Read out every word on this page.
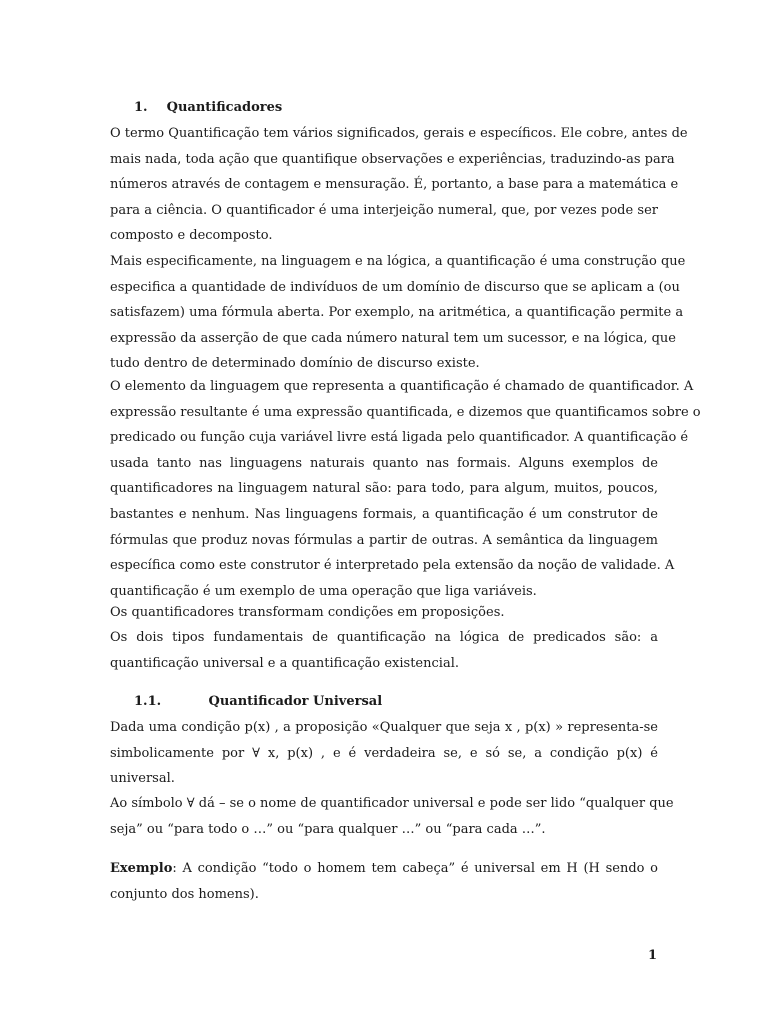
1. Quantificadores
O termo Quantificação tem vários significados, gerais e específicos. Ele cobre, antes de
mais nada, toda ação que quantifique observações e experiências, traduzindo-as para
números através de contagem e mensuração. É, portanto, a base para a matemática e
para a ciência. O quantificador é uma interjeição numeral, que, por vezes pode ser
composto e decomposto.
Mais especificamente, na linguagem e na lógica, a quantificação é uma construção que
especifica a quantidade de indivíduos de um domínio de discurso que se aplicam a (ou
satisfazem) uma fórmula aberta. Por exemplo, na aritmética, a quantificação permite a
expressão da asserção de que cada número natural tem um sucessor, e na lógica, que
tudo dentro de determinado domínio de discurso existe.
O elemento da linguagem que representa a quantificação é chamado de quantificador. A
expressão resultante é uma expressão quantificada, e dizemos que quantificamos sobre o
predicado ou função cuja variável livre está ligada pelo quantificador. A quantificação é
usada tanto nas linguagens naturais quanto nas formais. Alguns exemplos de
quantificadores na linguagem natural são: para todo, para algum, muitos, poucos,
bastantes e nenhum. Nas linguagens formais, a quantificação é um construtor de
fórmulas que produz novas fórmulas a partir de outras. A semântica da linguagem
específica como este construtor é interpretado pela extensão da noção de validade. A
quantificação é um exemplo de uma operação que liga variáveis.
Os quantificadores transformam condições em proposições.
Os dois tipos fundamentais de quantificação na lógica de predicados são: a
quantificação universal e a quantificação existencial.
1.1.	Quantificador Universal
Dada uma condição p(x) , a proposição «Qualquer que seja x , p(x) » representa-se
simbolicamente por ∀ x, p(x) , e é verdadeira se, e só se, a condição p(x) é
universal.
Ao símbolo ∀ dá – se o nome de quantificador universal e pode ser lido “qualquer que
seja” ou “para todo o …” ou “para qualquer …” ou “para cada …”.
Exemplo: A condição “todo o homem tem cabeça” é universal em H (H sendo o
conjunto dos homens).
1
